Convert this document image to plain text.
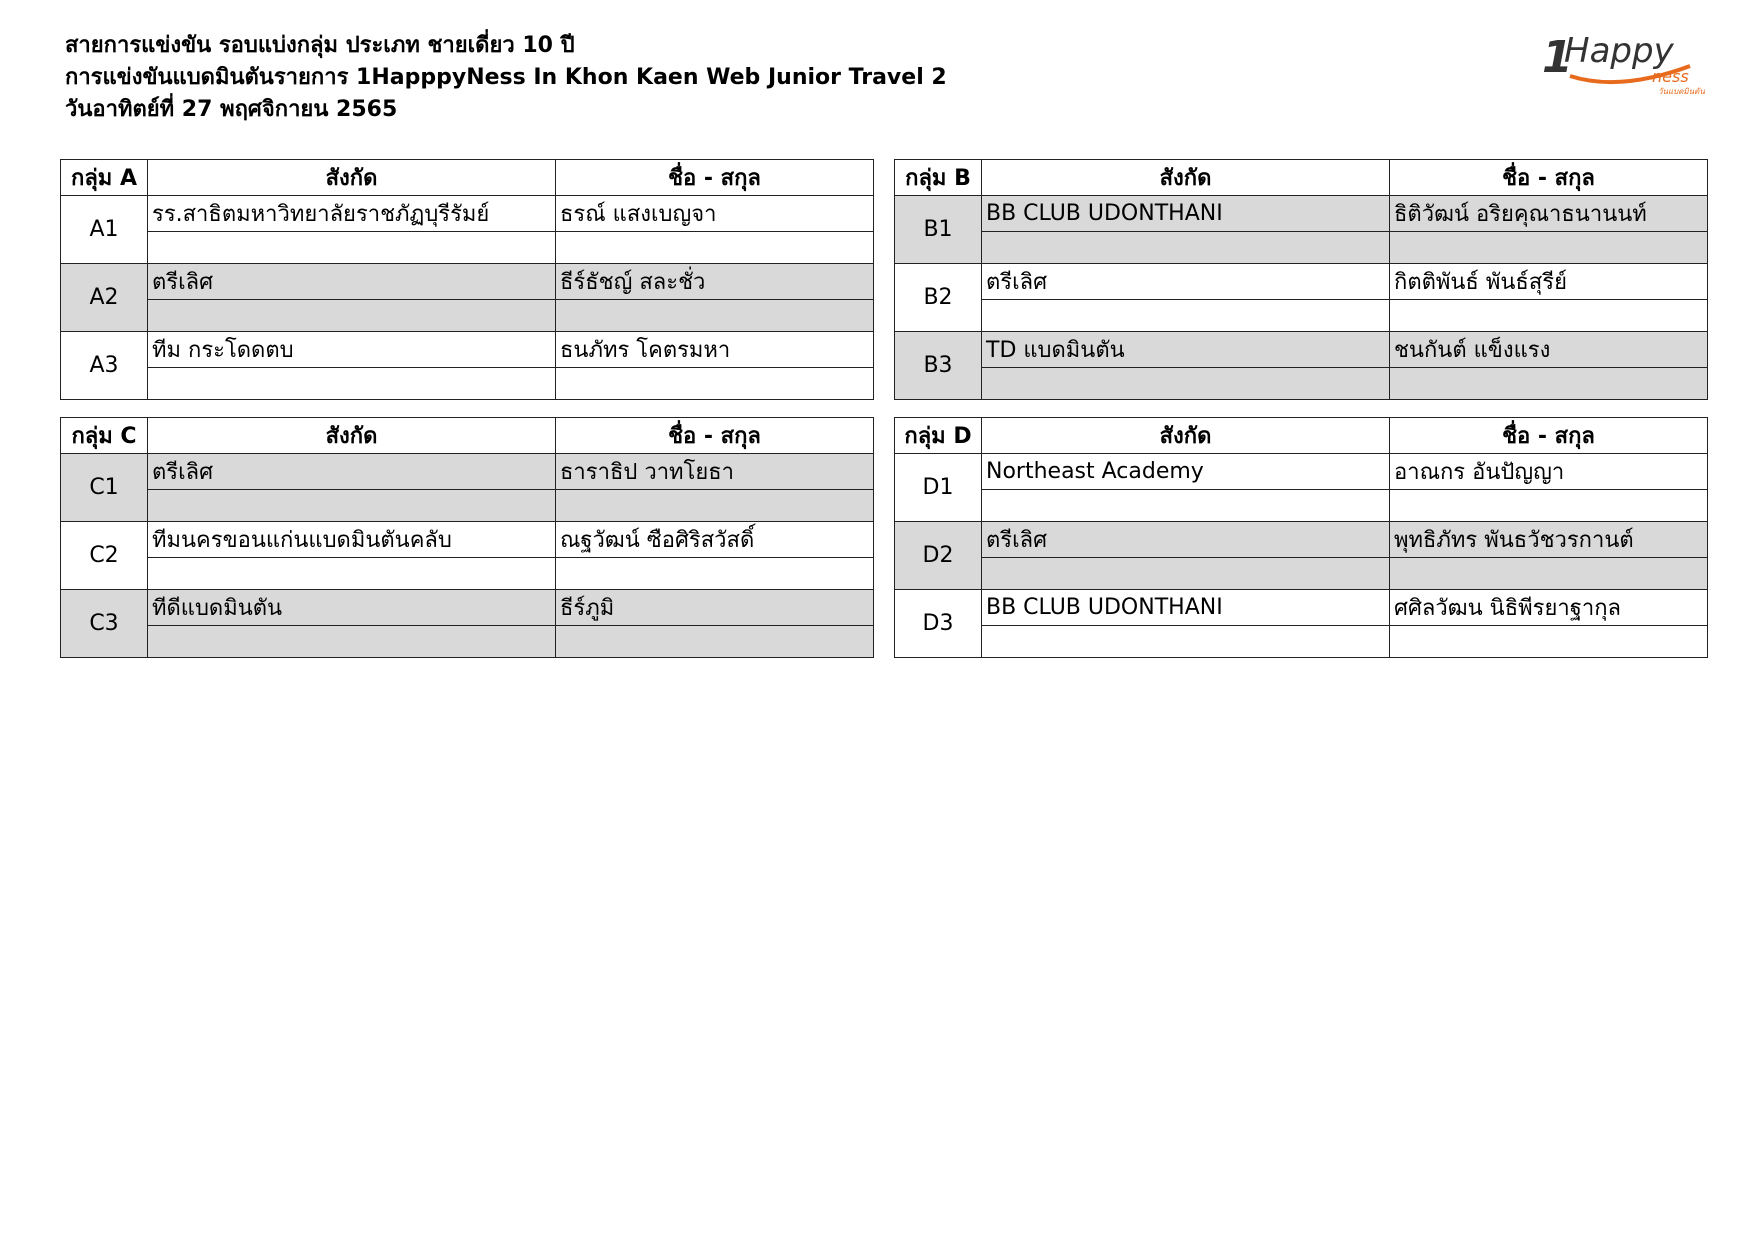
สายการแข่งขัน รอบแบ่งกลุ่ม ประเภท ชายเดี่ยว 10 ปี
การแข่งขันแบดมินตันรายการ 1HapppyNess In Khon Kaen Web Junior Travel 2
วันอาทิตย์ที่ 27 พฤศจิกายน 2565
1
Happy
ness
วันแบดมินตัน
กลุ่ม A	สังกัด	ชื่อ - สกุล
A1	รร.สาธิตมหาวิทยาลัยราชภัฏบุรีรัมย์	ธรณ์ แสงเบญจา

A2	ตรีเลิศ	ธีร์ธัชญ์ สละชั่ว

A3	ทีม กระโดดตบ	ธนภัทร โคตรมหา

กลุ่ม B	สังกัด	ชื่อ - สกุล
B1	BB CLUB UDONTHANI	ธิติวัฒน์ อริยคุณาธนานนท์

B2	ตรีเลิศ	กิตติพันธ์ พันธ์สุรีย์

B3	TD แบดมินตัน	ชนกันต์ แข็งแรง

กลุ่ม C	สังกัด	ชื่อ - สกุล
C1	ตรีเลิศ	ธาราธิป วาทโยธา

C2	ทีมนครขอนแก่นแบดมินตันคลับ	ณฐวัฒน์ ซือศิริสวัสดิ์

C3	ทีดีแบดมินตัน	ธีร์ภูมิ

กลุ่ม D	สังกัด	ชื่อ - สกุล
D1	Northeast Academy	อาณกร อันปัญญา

D2	ตรีเลิศ	พุทธิภัทร พันธวัชวรกานต์

D3	BB CLUB UDONTHANI	ศศิลวัฒน นิธิพีรยาฐากุล
